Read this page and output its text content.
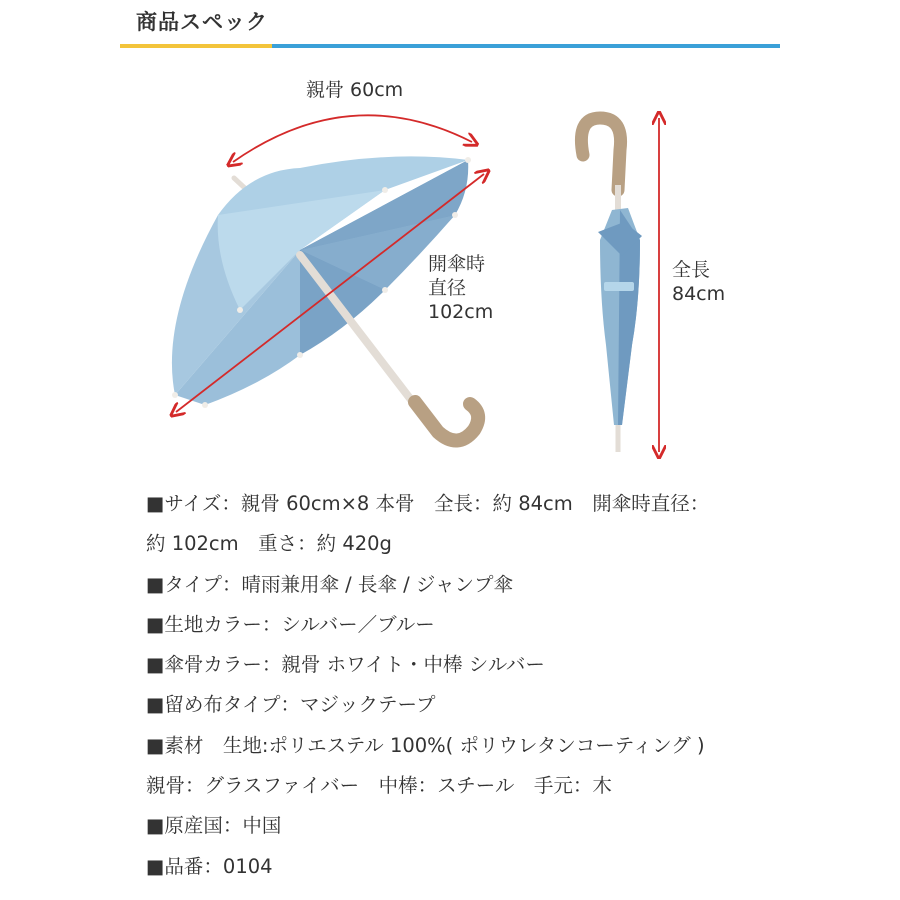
商品スペック
親骨 60cm
開傘時
直径
102cm
全長
84cm
■サイズ：親骨 60cm×8 本骨　全長：約 84cm　開傘時直径：
約 102cm　重さ：約 420g
■タイプ：晴雨兼用傘 / 長傘 / ジャンプ傘
■生地カラー：シルバー／ブルー
■傘骨カラー：親骨 ホワイト・中棒 シルバー
■留め布タイプ：マジックテープ
■素材　生地:ポリエステル 100%( ポリウレタンコーティング )
親骨：グラスファイバー　中棒：スチール　手元：木
■原産国：中国
■品番：0104
